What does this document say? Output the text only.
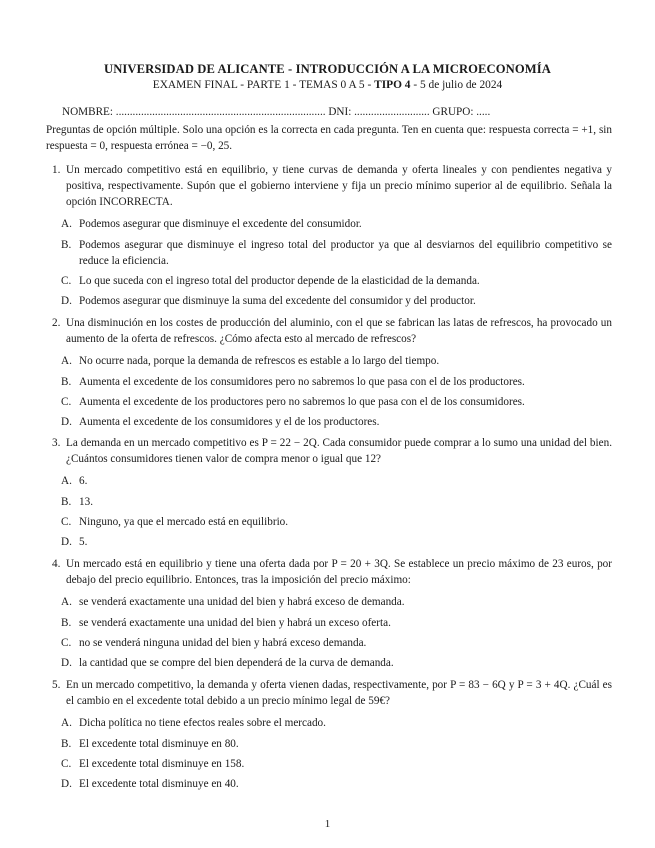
UNIVERSIDAD DE ALICANTE - INTRODUCCIÓN A LA MICROECONOMÍA
EXAMEN FINAL - PARTE 1 - TEMAS 0 A 5 - TIPO 4 - 5 de julio de 2024
NOMBRE: ........................................................................... DNI: ........................... GRUPO: .....
Preguntas de opción múltiple. Solo una opción es la correcta en cada pregunta. Ten en cuenta que: respuesta correcta = +1, sin respuesta = 0, respuesta errónea = −0, 25.
1. Un mercado competitivo está en equilibrio, y tiene curvas de demanda y oferta lineales y con pendientes negativa y positiva, respectivamente. Supón que el gobierno interviene y fija un precio mínimo superior al de equilibrio. Señala la opción INCORRECTA.
A. Podemos asegurar que disminuye el excedente del consumidor.
B. Podemos asegurar que disminuye el ingreso total del productor ya que al desviarnos del equilibrio competitivo se reduce la eficiencia.
C. Lo que suceda con el ingreso total del productor depende de la elasticidad de la demanda.
D. Podemos asegurar que disminuye la suma del excedente del consumidor y del productor.
2. Una disminución en los costes de producción del aluminio, con el que se fabrican las latas de refrescos, ha provocado un aumento de la oferta de refrescos. ¿Cómo afecta esto al mercado de refrescos?
A. No ocurre nada, porque la demanda de refrescos es estable a lo largo del tiempo.
B. Aumenta el excedente de los consumidores pero no sabremos lo que pasa con el de los productores.
C. Aumenta el excedente de los productores pero no sabremos lo que pasa con el de los consumidores.
D. Aumenta el excedente de los consumidores y el de los productores.
3. La demanda en un mercado competitivo es P = 22 − 2Q. Cada consumidor puede comprar a lo sumo una unidad del bien. ¿Cuántos consumidores tienen valor de compra menor o igual que 12?
A. 6.
B. 13.
C. Ninguno, ya que el mercado está en equilibrio.
D. 5.
4. Un mercado está en equilibrio y tiene una oferta dada por P = 20 + 3Q. Se establece un precio máximo de 23 euros, por debajo del precio equilibrio. Entonces, tras la imposición del precio máximo:
A. se venderá exactamente una unidad del bien y habrá exceso de demanda.
B. se venderá exactamente una unidad del bien y habrá un exceso oferta.
C. no se venderá ninguna unidad del bien y habrá exceso demanda.
D. la cantidad que se compre del bien dependerá de la curva de demanda.
5. En un mercado competitivo, la demanda y oferta vienen dadas, respectivamente, por P = 83 − 6Q y P = 3 + 4Q. ¿Cuál es el cambio en el excedente total debido a un precio mínimo legal de 59€?
A. Dicha política no tiene efectos reales sobre el mercado.
B. El excedente total disminuye en 80.
C. El excedente total disminuye en 158.
D. El excedente total disminuye en 40.
1
